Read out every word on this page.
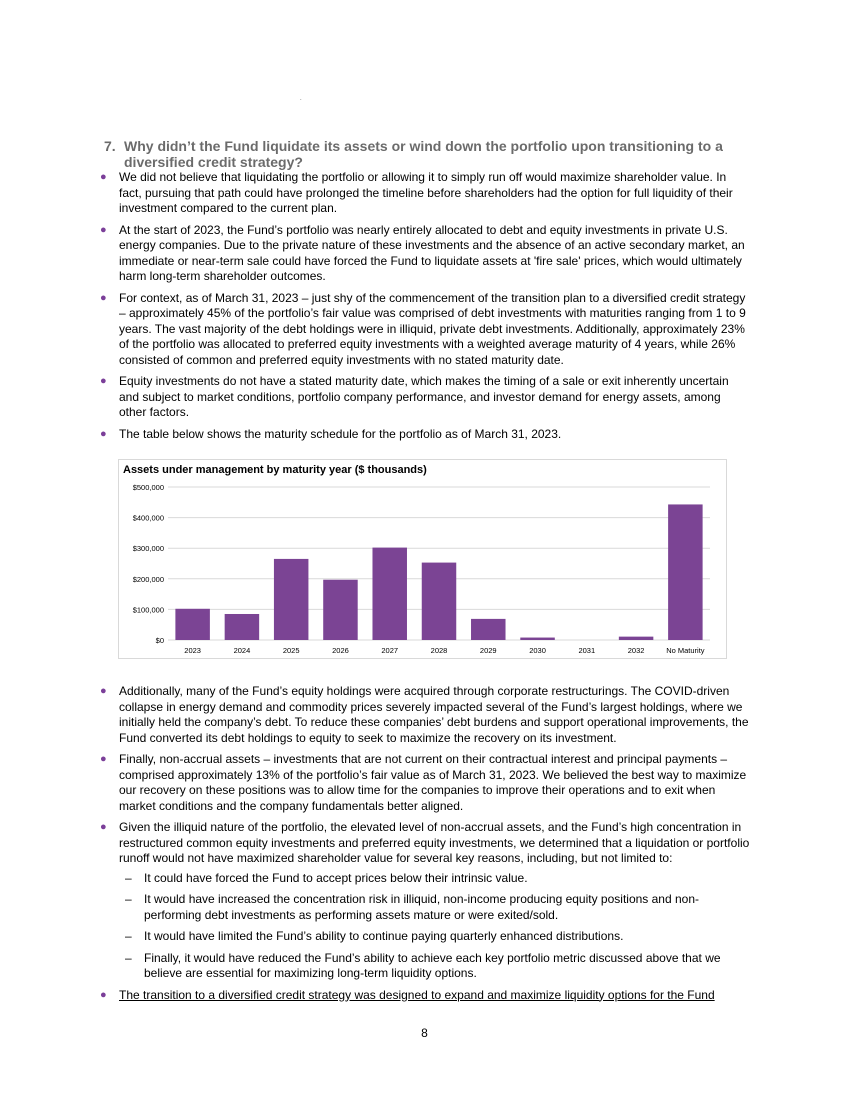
.
7. Why didn’t the Fund liquidate its assets or wind down the portfolio upon transitioning to a diversified credit strategy?
● We did not believe that liquidating the portfolio or allowing it to simply run off would maximize shareholder value. In fact, pursuing that path could have prolonged the timeline before shareholders had the option for full liquidity of their investment compared to the current plan.
● At the start of 2023, the Fund’s portfolio was nearly entirely allocated to debt and equity investments in private U.S. energy companies. Due to the private nature of these investments and the absence of an active secondary market, an immediate or near-term sale could have forced the Fund to liquidate assets at 'fire sale' prices, which would ultimately harm long-term shareholder outcomes.
● For context, as of March 31, 2023 – just shy of the commencement of the transition plan to a diversified credit strategy – approximately 45% of the portfolio’s fair value was comprised of debt investments with maturities ranging from 1 to 9 years. The vast majority of the debt holdings were in illiquid, private debt investments. Additionally, approximately 23% of the portfolio was allocated to preferred equity investments with a weighted average maturity of 4 years, while 26% consisted of common and preferred equity investments with no stated maturity date.
● Equity investments do not have a stated maturity date, which makes the timing of a sale or exit inherently uncertain and subject to market conditions, portfolio company performance, and investor demand for energy assets, among other factors.
● The table below shows the maturity schedule for the portfolio as of March 31, 2023.
Assets under management by maturity year ($ thousands)
$0
$100,000
$200,000
$300,000
$400,000
$500,000
2023	2024	2025	2026	2027	2028	2029	2030	2031	2032	No Maturity
● Additionally, many of the Fund’s equity holdings were acquired through corporate restructurings. The COVID-driven collapse in energy demand and commodity prices severely impacted several of the Fund’s largest holdings, where we initially held the company’s debt. To reduce these companies’ debt burdens and support operational improvements, the Fund converted its debt holdings to equity to seek to maximize the recovery on its investment.
● Finally, non-accrual assets – investments that are not current on their contractual interest and principal payments –comprised approximately 13% of the portfolio’s fair value as of March 31, 2023. We believed the best way to maximize our recovery on these positions was to allow time for the companies to improve their operations and to exit when market conditions and the company fundamentals better aligned.
● Given the illiquid nature of the portfolio, the elevated level of non-accrual assets, and the Fund’s high concentration in restructured common equity investments and preferred equity investments, we determined that a liquidation or portfolio runoff would not have maximized shareholder value for several key reasons, including, but not limited to:
– It could have forced the Fund to accept prices below their intrinsic value.
– It would have increased the concentration risk in illiquid, non-income producing equity positions and non-performing debt investments as performing assets mature or were exited/sold.
– It would have limited the Fund’s ability to continue paying quarterly enhanced distributions.
– Finally, it would have reduced the Fund’s ability to achieve each key portfolio metric discussed above that we believe are essential for maximizing long-term liquidity options.
● The transition to a diversified credit strategy was designed to expand and maximize liquidity options for the Fund
8
